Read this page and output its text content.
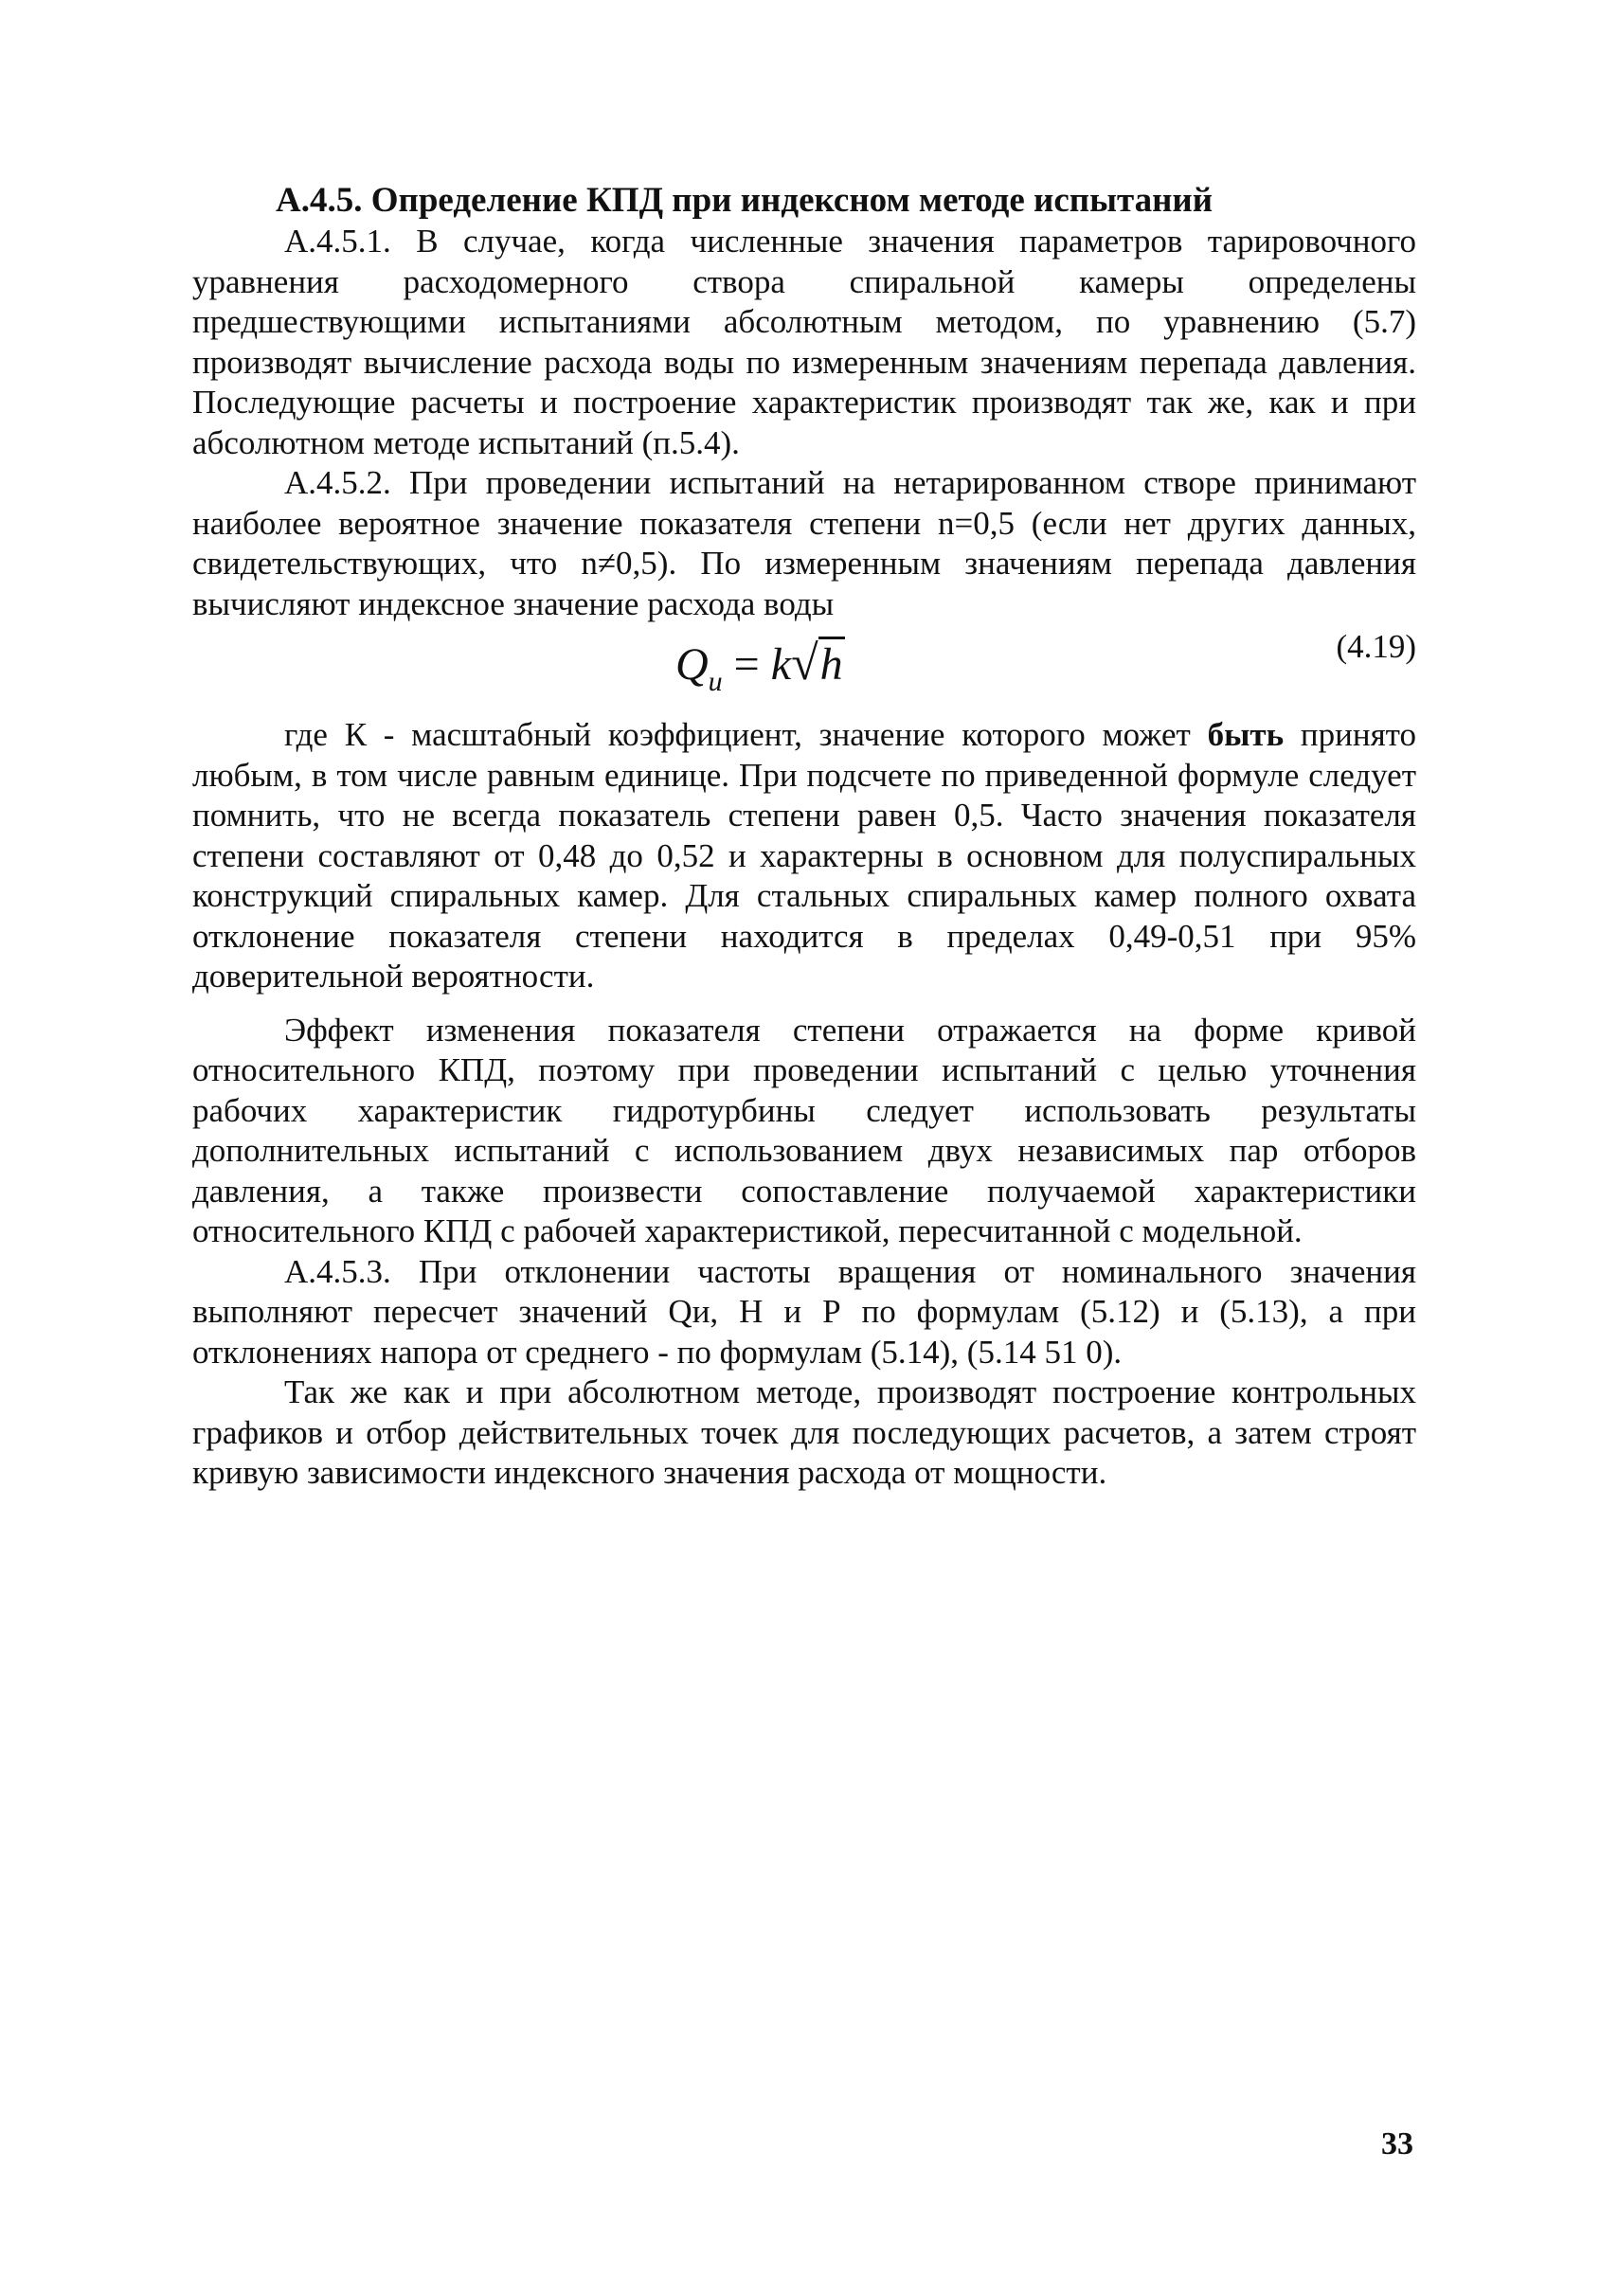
А.4.5. Определение КПД при индексном методе испытаний

А.4.5.1. В случае, когда численные значения параметров тарировочного уравнения расходомерного створа спиральной камеры определены предшествующими испытаниями абсолютным методом, по уравнению (5.7) производят вычисление расхода воды по измеренным значениям перепада давления. Последующие расчеты и построение характеристик производят так же, как и при абсолютном методе испытаний (п.5.4).

А.4.5.2. При проведении испытаний на нетарированном створе принимают наиболее вероятное значение показателя степени n=0,5 (если нет других данных, свидетельствующих, что n≠0,5). По измеренным значениям перепада давления вычисляют индексное значение расхода воды

$Q_u = k√h$	(4.19)

где К - масштабный коэффициент, значение которого может быть принято любым, в том числе равным единице. При подсчете по приведенной формуле следует помнить, что не всегда показатель степени равен 0,5. Часто значения показателя степени составляют от 0,48 до 0,52 и характерны в основном для полуспиральных конструкций спиральных камер. Для стальных спиральных камер полного охвата отклонение показателя степени находится в пределах 0,49-0,51 при 95% доверительной вероятности.

Эффект изменения показателя степени отражается на форме кривой относительного КПД, поэтому при проведении испытаний с целью уточнения рабочих характеристик гидротурбины следует использовать результаты дополнительных испытаний с использованием двух независимых пар отборов давления, а также произвести сопоставление получаемой характеристики относительного КПД с рабочей характеристикой, пересчитанной с модельной.

А.4.5.3. При отклонении частоты вращения от номинального значения выполняют пересчет значений Qи, Н и Р по формулам (5.12) и (5.13), а при отклонениях напора от среднего - по формулам (5.14), (5.14 51 0).

Так же как и при абсолютном методе, производят построение контрольных графиков и отбор действительных точек для последующих расчетов, а затем строят кривую зависимости индексного значения расхода от мощности.

33
